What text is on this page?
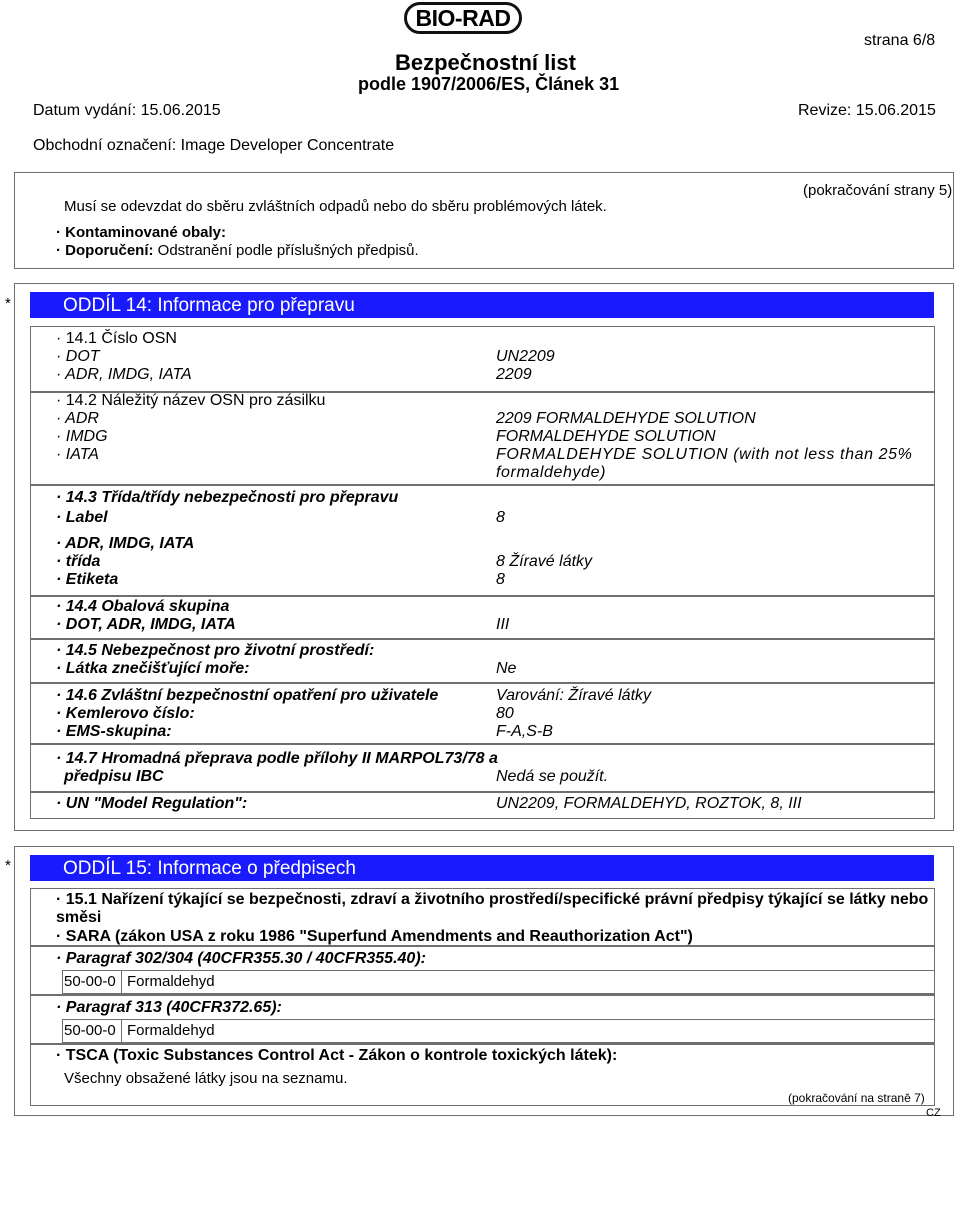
BIO-RAD
strana 6/8
Bezpečnostní list
podle 1907/2006/ES, Článek 31
Datum vydání: 15.06.2015	Revize: 15.06.2015
Obchodní označení: Image Developer Concentrate
(pokračování strany 5)
Musí se odevzdat do sběru zvláštních odpadů nebo do sběru problémových látek.
· Kontaminované obaly:
· Doporučení: Odstranění podle příslušných předpisů.
*	ODDÍL 14: Informace pro přepravu
· 14.1 Číslo OSN
· DOT	UN2209
· ADR, IMDG, IATA	2209
· 14.2 Náležitý název OSN pro zásilku
· ADR	2209 FORMALDEHYDE SOLUTION
· IMDG	FORMALDEHYDE SOLUTION
· IATA	FORMALDEHYDE SOLUTION (with not less than 25% formaldehyde)
· 14.3 Třída/třídy nebezpečnosti pro přepravu
· Label	8
· ADR, IMDG, IATA
· třída	8 Žíravé látky
· Etiketa	8
· 14.4 Obalová skupina
· DOT, ADR, IMDG, IATA	III
· 14.5 Nebezpečnost pro životní prostředí:
· Látka znečišťující moře:	Ne
· 14.6 Zvláštní bezpečnostní opatření pro uživatele	Varování: Žíravé látky
· Kemlerovo číslo:	80
· EMS-skupina:	F-A,S-B
· 14.7 Hromadná přeprava podle přílohy II MARPOL73/78 a
předpisu IBC	Nedá se použít.
· UN "Model Regulation":	UN2209, FORMALDEHYD, ROZTOK, 8, III
*	ODDÍL 15: Informace o předpisech
· 15.1 Nařízení týkající se bezpečnosti, zdraví a životního prostředí/specifické právní předpisy týkající se látky nebo směsi
· SARA (zákon USA z roku 1986 "Superfund Amendments and Reauthorization Act")
· Paragraf 302/304 (40CFR355.30 / 40CFR355.40):
50-00-0 Formaldehyd
· Paragraf 313 (40CFR372.65):
50-00-0 Formaldehyd
· TSCA (Toxic Substances Control Act - Zákon o kontrole toxických látek):
Všechny obsažené látky jsou na seznamu.
(pokračování na straně 7)
CZ
